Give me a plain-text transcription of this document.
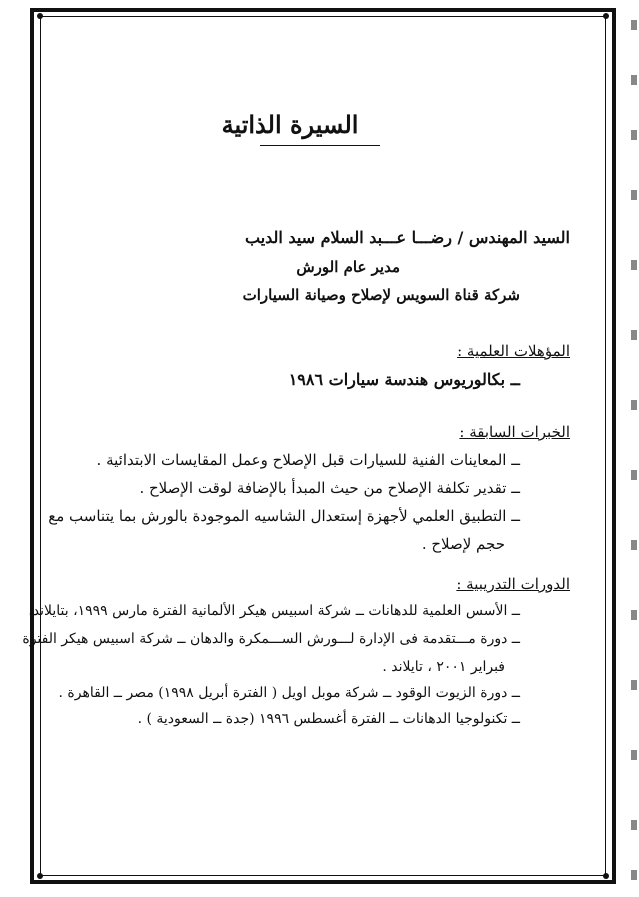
السيرة الذاتية
السيد المهندس / رضـــا عـــبد السلام سيد الديب
مدير عام الورش
شركة قناة السويس لإصلاح وصيانة السيارات
المؤهلات العلمية :
ــ بكالوريوس هندسة سيارات ١٩٨٦
الخبرات السابقة :
ــ المعاينات الفنية للسيارات قبل الإصلاح وعمل المقايسات الابتدائية .
ــ تقدير تكلفة الإصلاح من حيث المبدأ بالإضافة لوقت الإصلاح .
ــ التطبيق العلمي لأجهزة إستعدال الشاسيه الموجودة بالورش بما يتناسب مع
حجم لإصلاح .
الدورات التدريبية :
ــ الأسس العلمية للدهانات ــ شركة اسبيس هيكر الألمانية الفترة مارس ١٩٩٩، بتايلاند.
ــ دورة مـــتقدمة فى الإدارة لـــورش الســـمكرة والدهان ــ شركة اسبيس هيكر الفترة
فبراير ٢٠٠١ ، تايلاند .
ــ دورة الزيوت الوقود ــ شركة موبل اويل ( الفترة أبريل ١٩٩٨) مصر ــ القاهرة .
ــ تكنولوجيا الدهانات ــ الفترة أغسطس ١٩٩٦ (جدة ــ السعودية ) .
